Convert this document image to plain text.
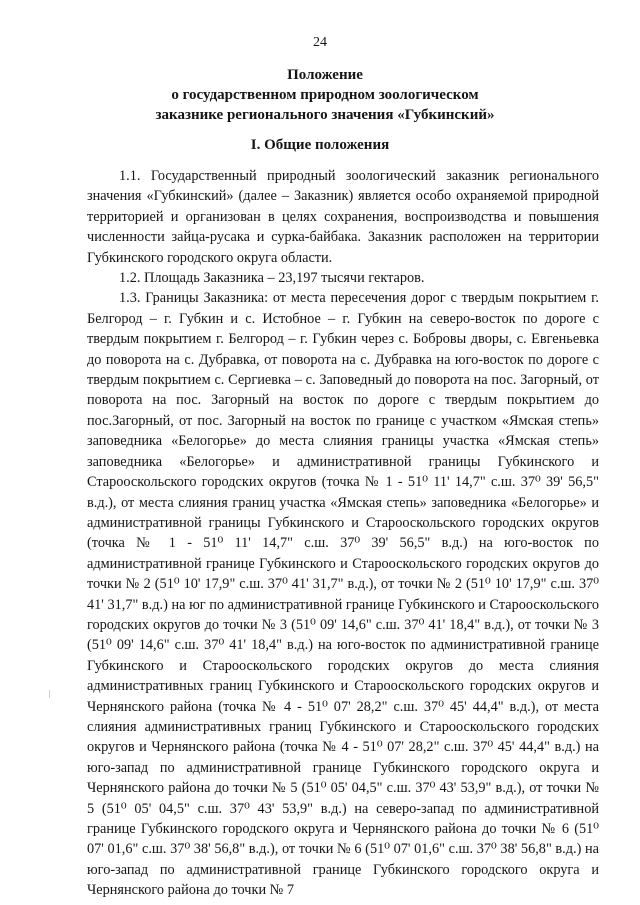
24
Положение
о государственном природном зоологическом
заказнике регионального значения «Губкинский»
I. Общие положения

1.1. Государственный природный зоологический заказник регионального значения «Губкинский» (далее – Заказник) является особо охраняемой природной территорией и организован в целях сохранения, воспроизводства и повышения численности зайца-русака и сурка-байбака. Заказник расположен на территории Губкинского городского округа области.

1.2. Площадь Заказника – 23,197 тысячи гектаров.

1.3. Границы Заказника: от места пересечения дорог с твердым покрытием г. Белгород – г. Губкин и с. Истобное – г. Губкин на северо-восток по дороге с твердым покрытием г. Белгород – г. Губкин через с. Бобровы дворы, с. Евгеньевка до поворота на с. Дубравка, от поворота на с. Дубравка на юго-восток по дороге с твердым покрытием с. Сергиевка – с. Заповедный до поворота на пос. Загорный, от поворота на пос. Загорный на восток по дороге с твердым покрытием до пос.Загорный, от пос. Загорный на восток по границе с участком «Ямская степь» заповедника «Белогорье» до места слияния границы участка «Ямская степь» заповедника «Белогорье» и административной границы Губкинского и Старооскольского городских округов (точка № 1 - 51⁰ 11' 14,7" с.ш. 37⁰ 39' 56,5" в.д.), от места слияния границ участка «Ямская степь» заповедника «Белогорье» и административной границы Губкинского и Старооскольского городских округов (точка № 1 - 51⁰ 11' 14,7" с.ш. 37⁰ 39' 56,5" в.д.) на юго-восток по административной границе Губкинского и Старооскольского городских округов до точки № 2 (51⁰ 10' 17,9" с.ш. 37⁰ 41' 31,7" в.д.), от точки № 2 (51⁰ 10' 17,9" с.ш. 37⁰ 41' 31,7" в.д.) на юг по административной границе Губкинского и Старооскольского городских округов до точки № 3 (51⁰ 09' 14,6" с.ш. 37⁰ 41' 18,4" в.д.), от точки № 3 (51⁰ 09' 14,6" с.ш. 37⁰ 41' 18,4" в.д.) на юго-восток по административной границе Губкинского и Старооскольского городских округов до места слияния административных границ Губкинского и Старооскольского городских округов и Чернянского района (точка № 4 - 51⁰ 07' 28,2" с.ш. 37⁰ 45' 44,4" в.д.), от места слияния административных границ Губкинского и Старооскольского городских округов и Чернянского района (точка № 4 - 51⁰ 07' 28,2" с.ш. 37⁰ 45' 44,4" в.д.) на юго-запад по административной границе Губкинского городского округа и Чернянского района до точки № 5 (51⁰ 05' 04,5" с.ш. 37⁰ 43' 53,9" в.д.), от точки № 5 (51⁰ 05' 04,5" с.ш. 37⁰ 43' 53,9" в.д.) на северо-запад по административной границе Губкинского городского округа и Чернянского района до точки № 6 (51⁰ 07' 01,6" с.ш. 37⁰ 38' 56,8" в.д.), от точки № 6 (51⁰ 07' 01,6" с.ш. 37⁰ 38' 56,8" в.д.) на юго-запад по административной границе Губкинского городского округа и Чернянского района до точки № 7
